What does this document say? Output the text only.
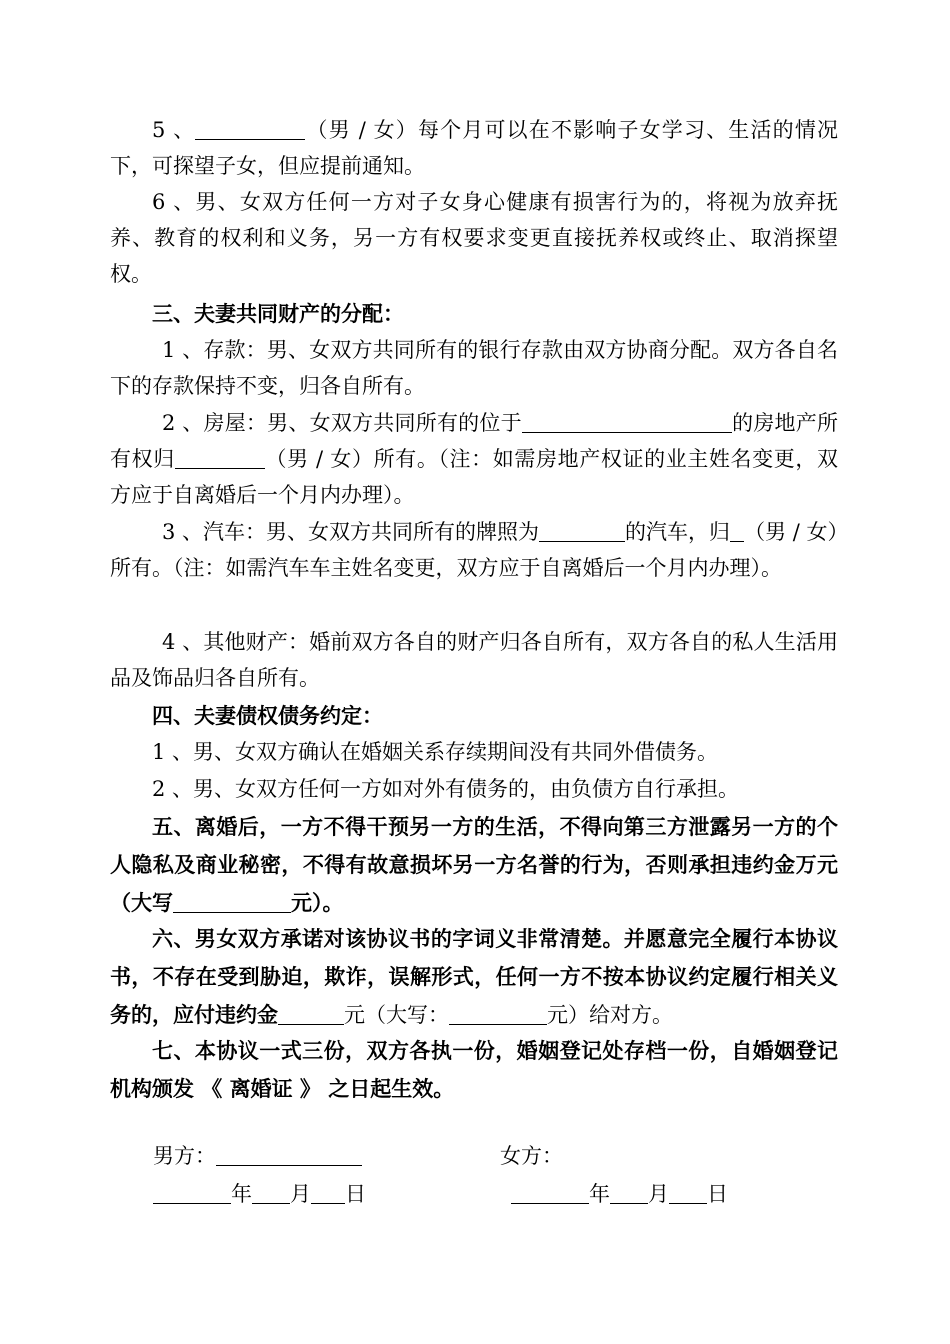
5 、	（男 / 女）每个月可以在不影响子女学习、生活的情况下，可探望子女，但应提前通知。

6 、男、女双方任何一方对子女身心健康有损害行为的，将视为放弃抚养、教育的权利和义务，另一方有权要求变更直接抚养权或终止、取消探望权。

三、夫妻共同财产的分配：

1 、存款：男、女双方共同所有的银行存款由双方协商分配。双方各自名下的存款保持不变，归各自所有。

2 、房屋：男、女双方共同所有的位于	的房地产所有权归	（男 / 女）所有。（注：如需房地产权证的业主姓名变更，双方应于自离婚后一个月内办理）。

3 、汽车：男、女双方共同所有的牌照为	的汽车，归 （男 / 女）所有。（注：如需汽车车主姓名变更，双方应于自离婚后一个月内办理）。

4 、其他财产：婚前双方各自的财产归各自所有，双方各自的私人生活用品及饰品归各自所有。

四、夫妻债权债务约定：

1 、男、女双方确认在婚姻关系存续期间没有共同外借债务。

2 、男、女双方任何一方如对外有债务的，由负债方自行承担。

五、离婚后，一方不得干预另一方的生活，不得向第三方泄露另一方的个人隐私及商业秘密，不得有故意损坏另一方名誉的行为，否则承担违约金万元（大写	元）。

六、男女双方承诺对该协议书的字词义非常清楚。并愿意完全履行本协议书，不存在受到胁迫，欺诈，误解形式，任何一方不按本协议约定履行相关义务的，应付违约金	元（大写：	元）给对方。

七、本协议一式三份，双方各执一份，婚姻登记处存档一份，自婚姻登记机构颁发 《 离婚证 》 之日起生效。

男方：	女方：
年 月 日	年 月 日
